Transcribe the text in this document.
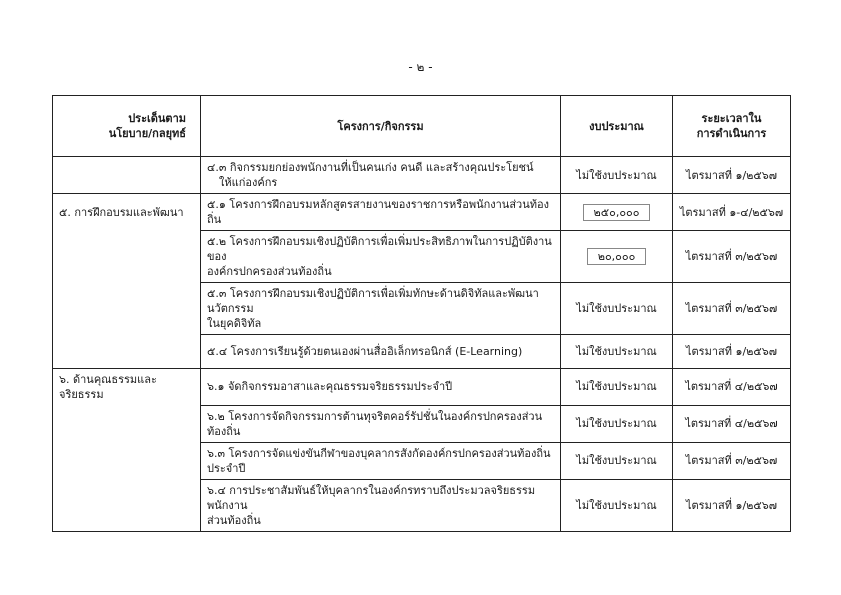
- ๒ -
ประเด็นตาม
นโยบาย/กลยุทธ์	โครงการ/กิจกรรม	งบประมาณ	ระยะเวลาใน
การดำเนินการ
	๔.๓ กิจกรรมยกย่องพนักงานที่เป็นคนเก่ง คนดี และสร้างคุณประโยชน์
ให้แก่องค์กร	ไม่ใช้งบประมาณ	ไตรมาสที่ ๑/๒๕๖๗
๕. การฝึกอบรมและพัฒนา	๕.๑ โครงการฝึกอบรมหลักสูตรสายงานของราชการหรือพนักงานส่วนท้องถิ่น	๒๕๐,๐๐๐	ไตรมาสที่ ๑-๔/๒๕๖๗
	๕.๒ โครงการฝึกอบรมเชิงปฏิบัติการเพื่อเพิ่มประสิทธิภาพในการปฏิบัติงานของ
องค์กรปกครองส่วนท้องถิ่น	๒๐,๐๐๐	ไตรมาสที่ ๓/๒๕๖๗
	๕.๓ โครงการฝึกอบรมเชิงปฏิบัติการเพื่อเพิ่มทักษะด้านดิจิทัลและพัฒนานวัตกรรม
ในยุคดิจิทัล	ไม่ใช้งบประมาณ	ไตรมาสที่ ๓/๒๕๖๗
	๕.๔ โครงการเรียนรู้ด้วยตนเองผ่านสื่ออิเล็กทรอนิกส์ (E-Learning)	ไม่ใช้งบประมาณ	ไตรมาสที่ ๑/๒๕๖๗
๖. ด้านคุณธรรมและจริยธรรม	๖.๑ จัดกิจกรรมอาสาและคุณธรรมจริยธรรมประจำปี	ไม่ใช้งบประมาณ	ไตรมาสที่ ๔/๒๕๖๗
	๖.๒ โครงการจัดกิจกรรมการต้านทุจริตคอร์รัปชั่นในองค์กรปกครองส่วนท้องถิ่น	ไม่ใช้งบประมาณ	ไตรมาสที่ ๔/๒๕๖๗
	๖.๓ โครงการจัดแข่งขันกีฬาของบุคลากรสังกัดองค์กรปกครองส่วนท้องถิ่นประจำปี	ไม่ใช้งบประมาณ	ไตรมาสที่ ๓/๒๕๖๗
	๖.๔ การประชาสัมพันธ์ให้บุคลากรในองค์กรทราบถึงประมวลจริยธรรมพนักงาน
ส่วนท้องถิ่น	ไม่ใช้งบประมาณ	ไตรมาสที่ ๑/๒๕๖๗
